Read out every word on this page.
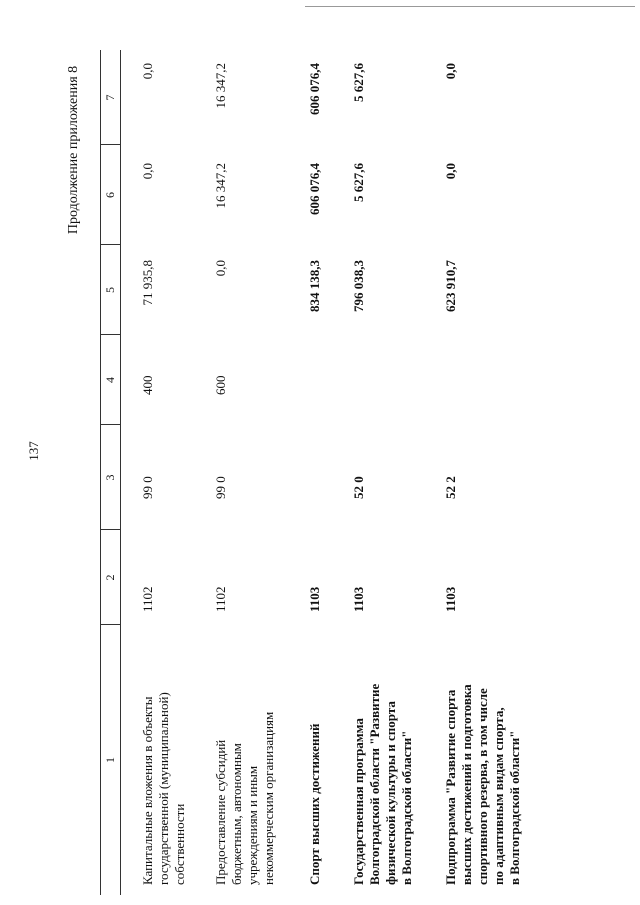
137
Продолжение приложения 8
1
2
3
4
5
6
7
Капитальные вложения в объекты государственной (муниципальной) собственности
1102
99 0
400
71 935,8
0,0
0,0
Предоставление субсидий бюджетным, автономным учреждениям и иным некоммерческим организациям
1102
99 0
600
0,0
16 347,2
16 347,2
Спорт высших достижений
1103
834 138,3
606 076,4
606 076,4
Государственная программа Волгоградской области "Развитие физической культуры и спорта в Волгоградской области"
1103
52 0
796 038,3
5 627,6
5 627,6
Подпрограмма "Развитие спорта высших достижений и подготовка спортивного резерва, в том числе по адаптивным видам спорта, в Волгоградской области"
1103
52 2
623 910,7
0,0
0,0
